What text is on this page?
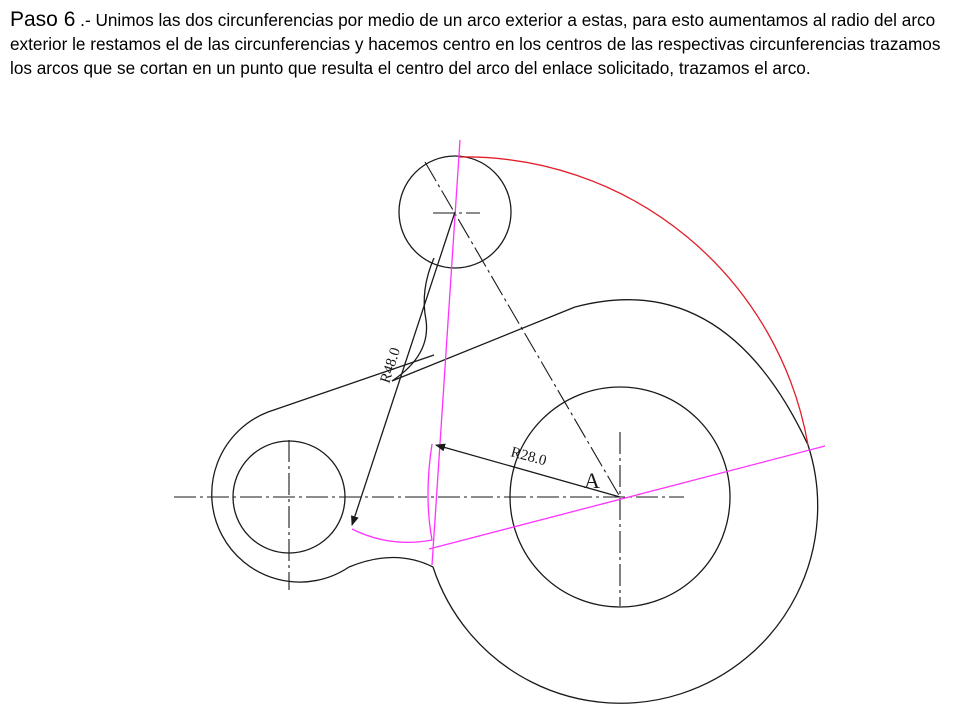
Paso 6 .- Unimos las dos circunferencias por medio de un arco exterior a estas, para esto aumentamos al radio del arco exterior le restamos el de las circunferencias y hacemos centro en los centros de las respectivas circunferencias trazamos los arcos que se cortan en un punto que resulta el centro del arco del enlace solicitado, trazamos el arco.
R48.0
R28.0
A
